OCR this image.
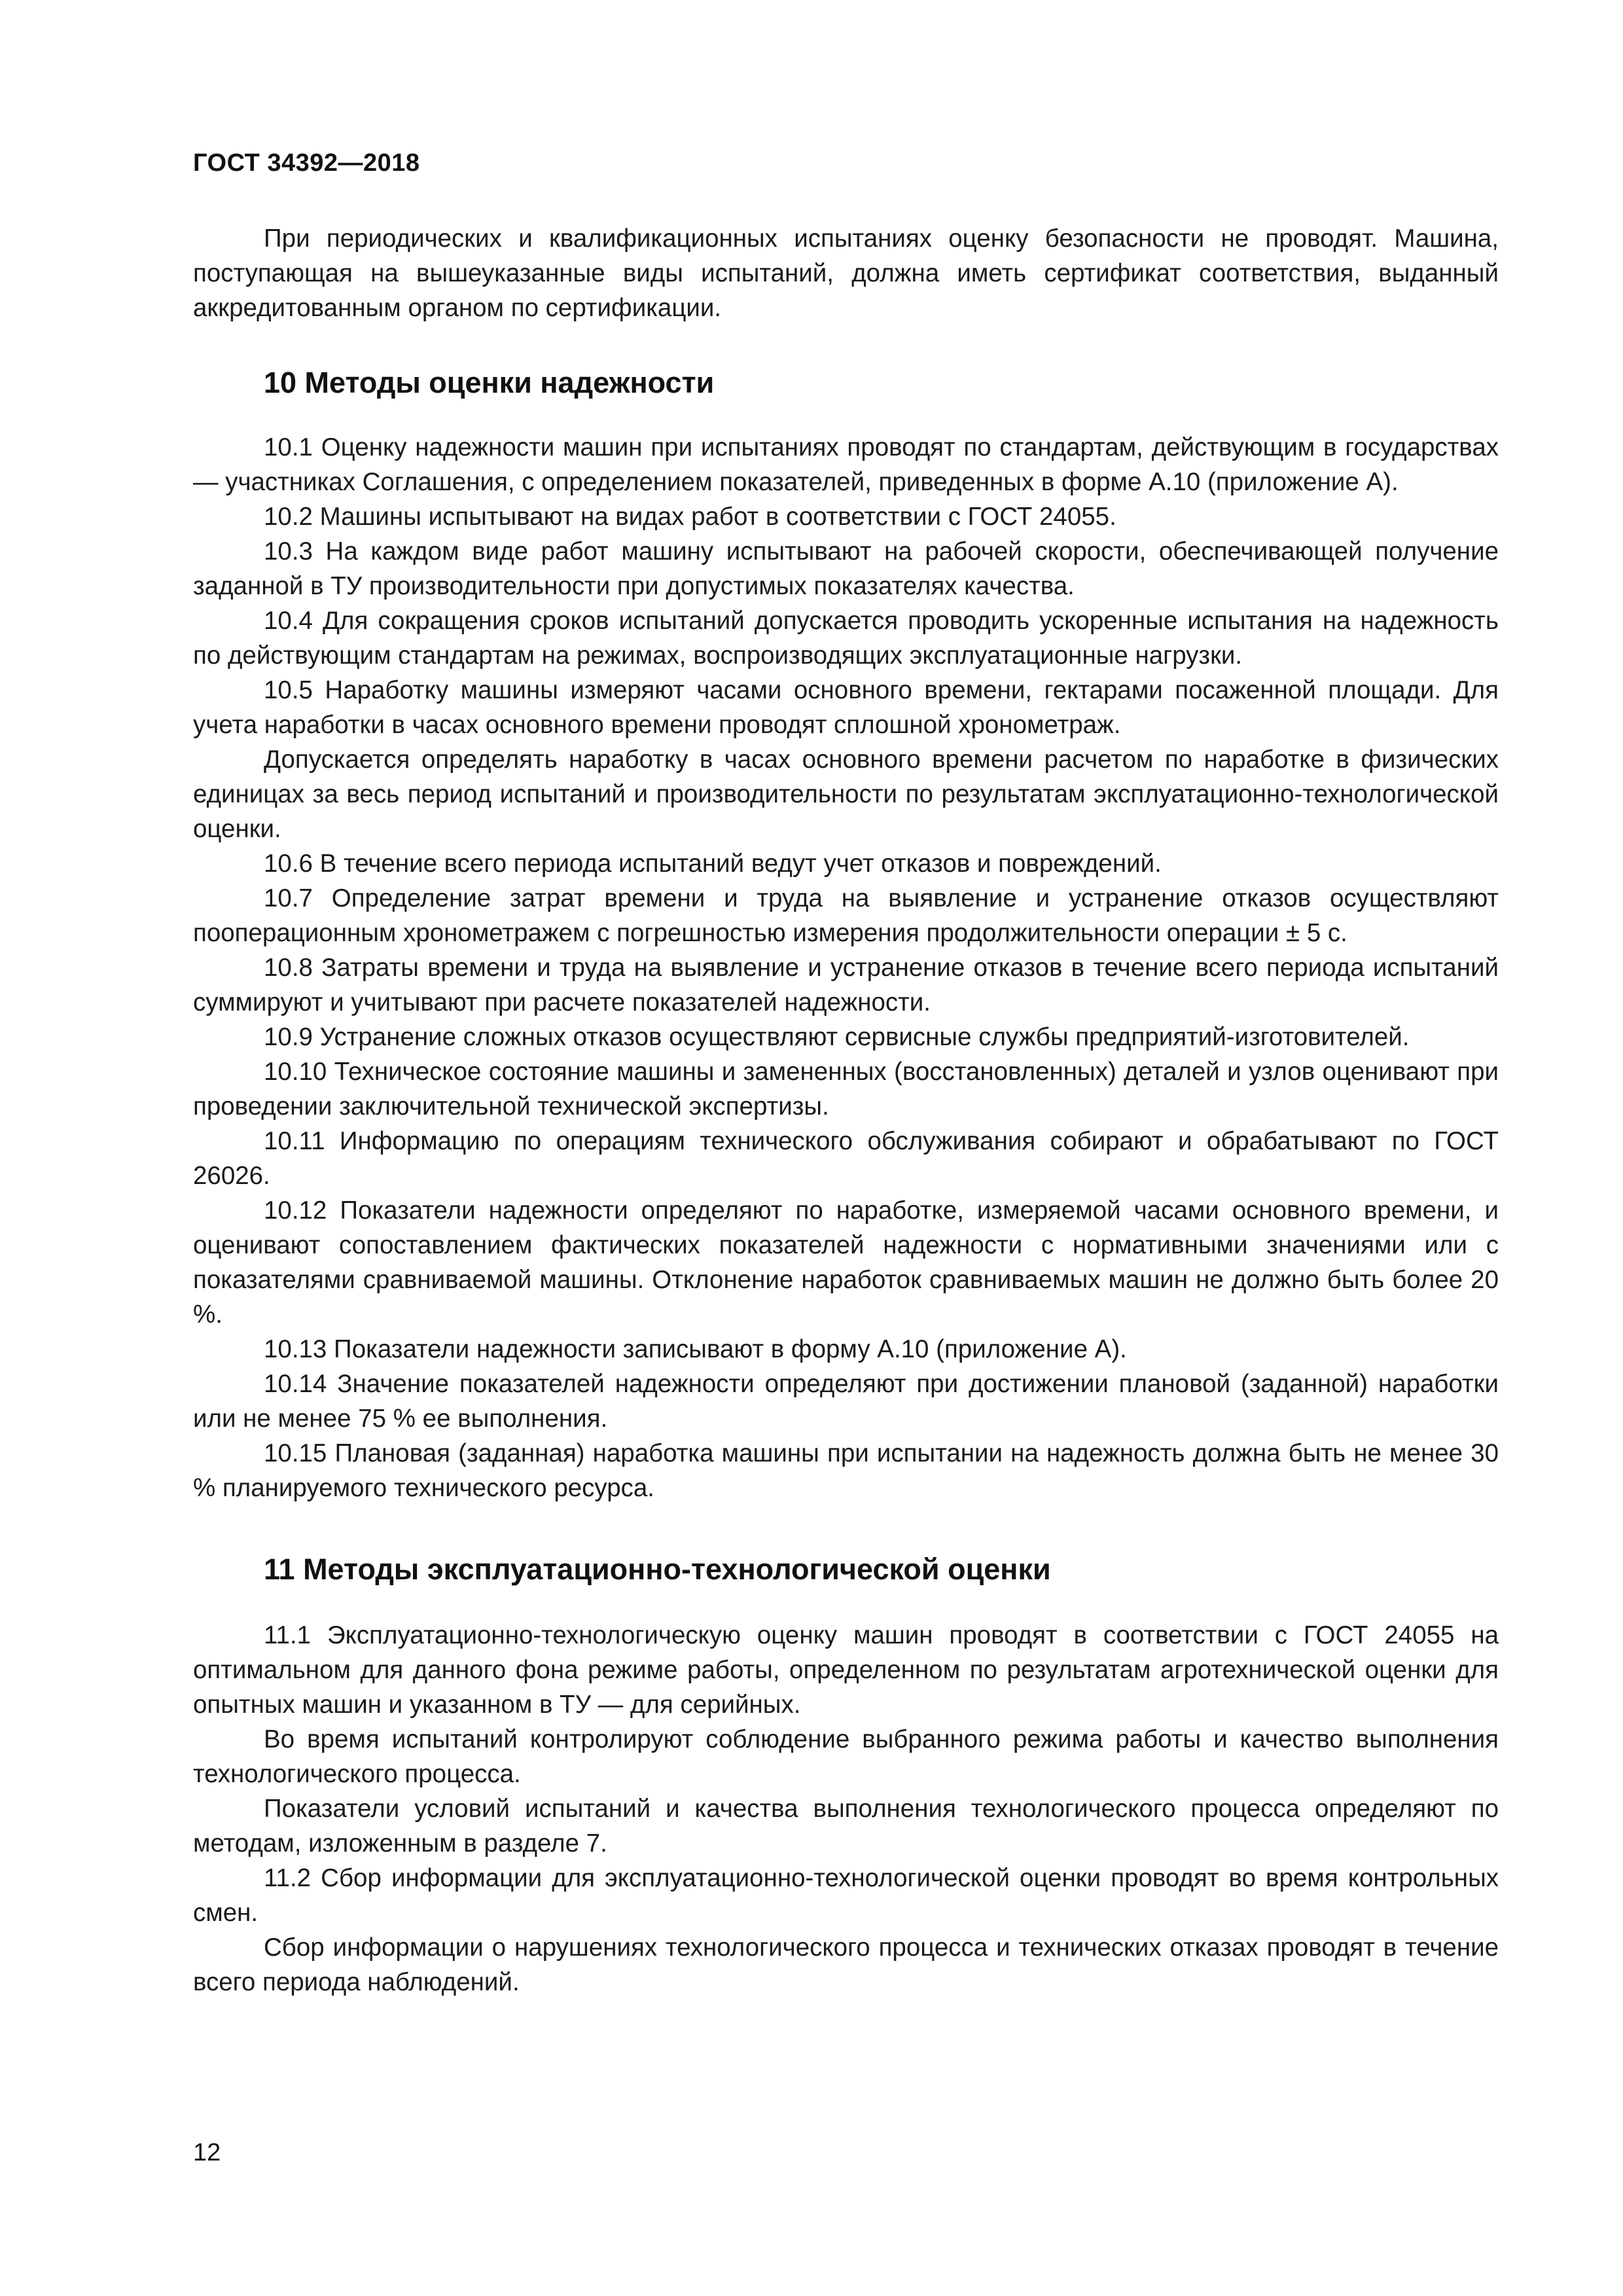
ГОСТ 34392—2018

При периодических и квалификационных испытаниях оценку безопасности не проводят. Машина, поступающая на вышеуказанные виды испытаний, должна иметь сертификат соответствия, выданный аккредитованным органом по сертификации.

10 Методы оценки надежности

10.1 Оценку надежности машин при испытаниях проводят по стандартам, действующим в государствах — участниках Соглашения, с определением показателей, приведенных в форме А.10 (приложение А).

10.2 Машины испытывают на видах работ в соответствии с ГОСТ 24055.

10.3 На каждом виде работ машину испытывают на рабочей скорости, обеспечивающей получение заданной в ТУ производительности при допустимых показателях качества.

10.4 Для сокращения сроков испытаний допускается проводить ускоренные испытания на надежность по действующим стандартам на режимах, воспроизводящих эксплуатационные нагрузки.

10.5 Наработку машины измеряют часами основного времени, гектарами посаженной площади. Для учета наработки в часах основного времени проводят сплошной хронометраж.

Допускается определять наработку в часах основного времени расчетом по наработке в физических единицах за весь период испытаний и производительности по результатам эксплуатационно-технологической оценки.

10.6 В течение всего периода испытаний ведут учет отказов и повреждений.

10.7 Определение затрат времени и труда на выявление и устранение отказов осуществляют пооперационным хронометражем с погрешностью измерения продолжительности операции ± 5 с.

10.8 Затраты времени и труда на выявление и устранение отказов в течение всего периода испытаний суммируют и учитывают при расчете показателей надежности.

10.9 Устранение сложных отказов осуществляют сервисные службы предприятий-изготовителей.

10.10 Техническое состояние машины и замененных (восстановленных) деталей и узлов оценивают при проведении заключительной технической экспертизы.

10.11 Информацию по операциям технического обслуживания собирают и обрабатывают по ГОСТ 26026.

10.12 Показатели надежности определяют по наработке, измеряемой часами основного времени, и оценивают сопоставлением фактических показателей надежности с нормативными значениями или с показателями сравниваемой машины. Отклонение наработок сравниваемых машин не должно быть более 20 %.

10.13 Показатели надежности записывают в форму А.10 (приложение А).

10.14 Значение показателей надежности определяют при достижении плановой (заданной) наработки или не менее 75 % ее выполнения.

10.15 Плановая (заданная) наработка машины при испытании на надежность должна быть не менее 30 % планируемого технического ресурса.

11 Методы эксплуатационно-технологической оценки

11.1 Эксплуатационно-технологическую оценку машин проводят в соответствии с ГОСТ 24055 на оптимальном для данного фона режиме работы, определенном по результатам агротехнической оценки для опытных машин и указанном в ТУ — для серийных.

Во время испытаний контролируют соблюдение выбранного режима работы и качество выполнения технологического процесса.

Показатели условий испытаний и качества выполнения технологического процесса определяют по методам, изложенным в разделе 7.

11.2 Сбор информации для эксплуатационно-технологической оценки проводят во время контрольных смен.

Сбор информации о нарушениях технологического процесса и технических отказах проводят в течение всего периода наблюдений.

12
